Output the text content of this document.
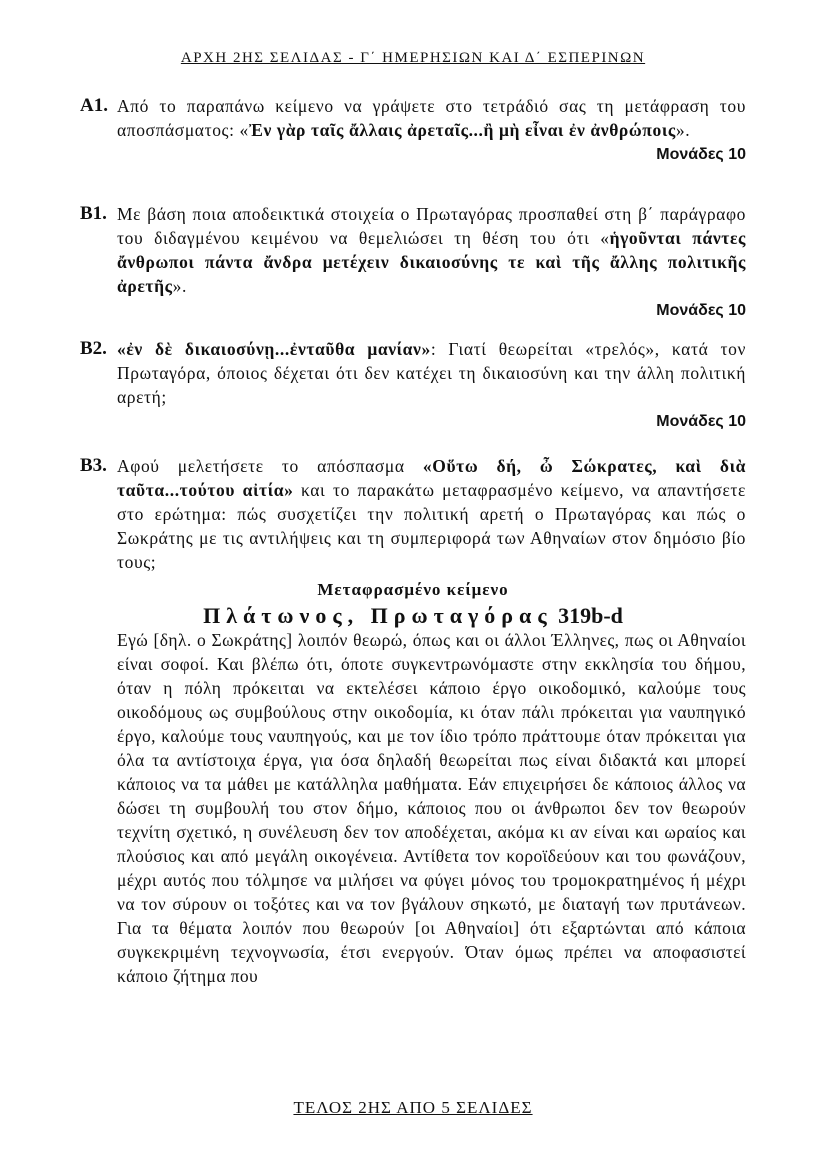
ΑΡΧΗ 2ΗΣ ΣΕΛΙΔΑΣ - Γ΄ ΗΜΕΡΗΣΙΩΝ ΚΑΙ Δ΄ ΕΣΠΕΡΙΝΩΝ
Α1. Από το παραπάνω κείμενο να γράψετε στο τετράδιό σας τη μετάφραση του αποσπάσματος: «Ἐν γὰρ ταῖς ἄλλαις ἀρεταῖς...ἢ μὴ εἶναι ἐν ἀνθρώποις».
Μονάδες 10
Β1. Με βάση ποια αποδεικτικά στοιχεία ο Πρωταγόρας προσπαθεί στη β΄ παράγραφο του διδαγμένου κειμένου να θεμελιώσει τη θέση του ότι «ἡγοῦνται πάντες ἄνθρωποι πάντα ἄνδρα μετέχειν δικαιοσύνης τε καὶ τῆς ἄλλης πολιτικῆς ἀρετῆς».
Μονάδες 10
Β2. «ἐν δὲ δικαιοσύνῃ...ἐνταῦθα μανίαν»: Γιατί θεωρείται «τρελός», κατά τον Πρωταγόρα, όποιος δέχεται ότι δεν κατέχει τη δικαιοσύνη και την άλλη πολιτική αρετή;
Μονάδες 10
Β3. Αφού μελετήσετε το απόσπασμα «Οὕτω δή, ὦ Σώκρατες, καὶ διὰ ταῦτα...τούτου αἰτία» και το παρακάτω μεταφρασμένο κείμενο, να απαντήσετε στο ερώτημα: πώς συσχετίζει την πολιτική αρετή ο Πρωταγόρας και πώς ο Σωκράτης με τις αντιλήψεις και τη συμπεριφορά των Αθηναίων στον δημόσιο βίο τους;
Μεταφρασμένο κείμενο
Πλάτωνος, Πρωταγόρας 319b-d
Εγώ [δηλ. ο Σωκράτης] λοιπόν θεωρώ, όπως και οι άλλοι Έλληνες, πως οι Αθηναίοι είναι σοφοί. Και βλέπω ότι, όποτε συγκεντρωνόμαστε στην εκκλησία του δήμου, όταν η πόλη πρόκειται να εκτελέσει κάποιο έργο οικοδομικό, καλούμε τους οικοδόμους ως συμβούλους στην οικοδομία, κι όταν πάλι πρόκειται για ναυπηγικό έργο, καλούμε τους ναυπηγούς, και με τον ίδιο τρόπο πράττουμε όταν πρόκειται για όλα τα αντίστοιχα έργα, για όσα δηλαδή θεωρείται πως είναι διδακτά και μπορεί κάποιος να τα μάθει με κατάλληλα μαθήματα. Εάν επιχειρήσει δε κάποιος άλλος να δώσει τη συμβουλή του στον δήμο, κάποιος που οι άνθρωποι δεν τον θεωρούν τεχνίτη σχετικό, η συνέλευση δεν τον αποδέχεται, ακόμα κι αν είναι και ωραίος και πλούσιος και από μεγάλη οικογένεια. Αντίθετα τον κοροϊδεύουν και του φωνάζουν, μέχρι αυτός που τόλμησε να μιλήσει να φύγει μόνος του τρομοκρατημένος ή μέχρι να τον σύρουν οι τοξότες και να τον βγάλουν σηκωτό, με διαταγή των πρυτάνεων. Για τα θέματα λοιπόν που θεωρούν [οι Αθηναίοι] ότι εξαρτώνται από κάποια συγκεκριμένη τεχνογνωσία, έτσι ενεργούν. Όταν όμως πρέπει να αποφασιστεί κάποιο ζήτημα που
ΤΕΛΟΣ 2ΗΣ ΑΠΟ 5 ΣΕΛΙΔΕΣ
